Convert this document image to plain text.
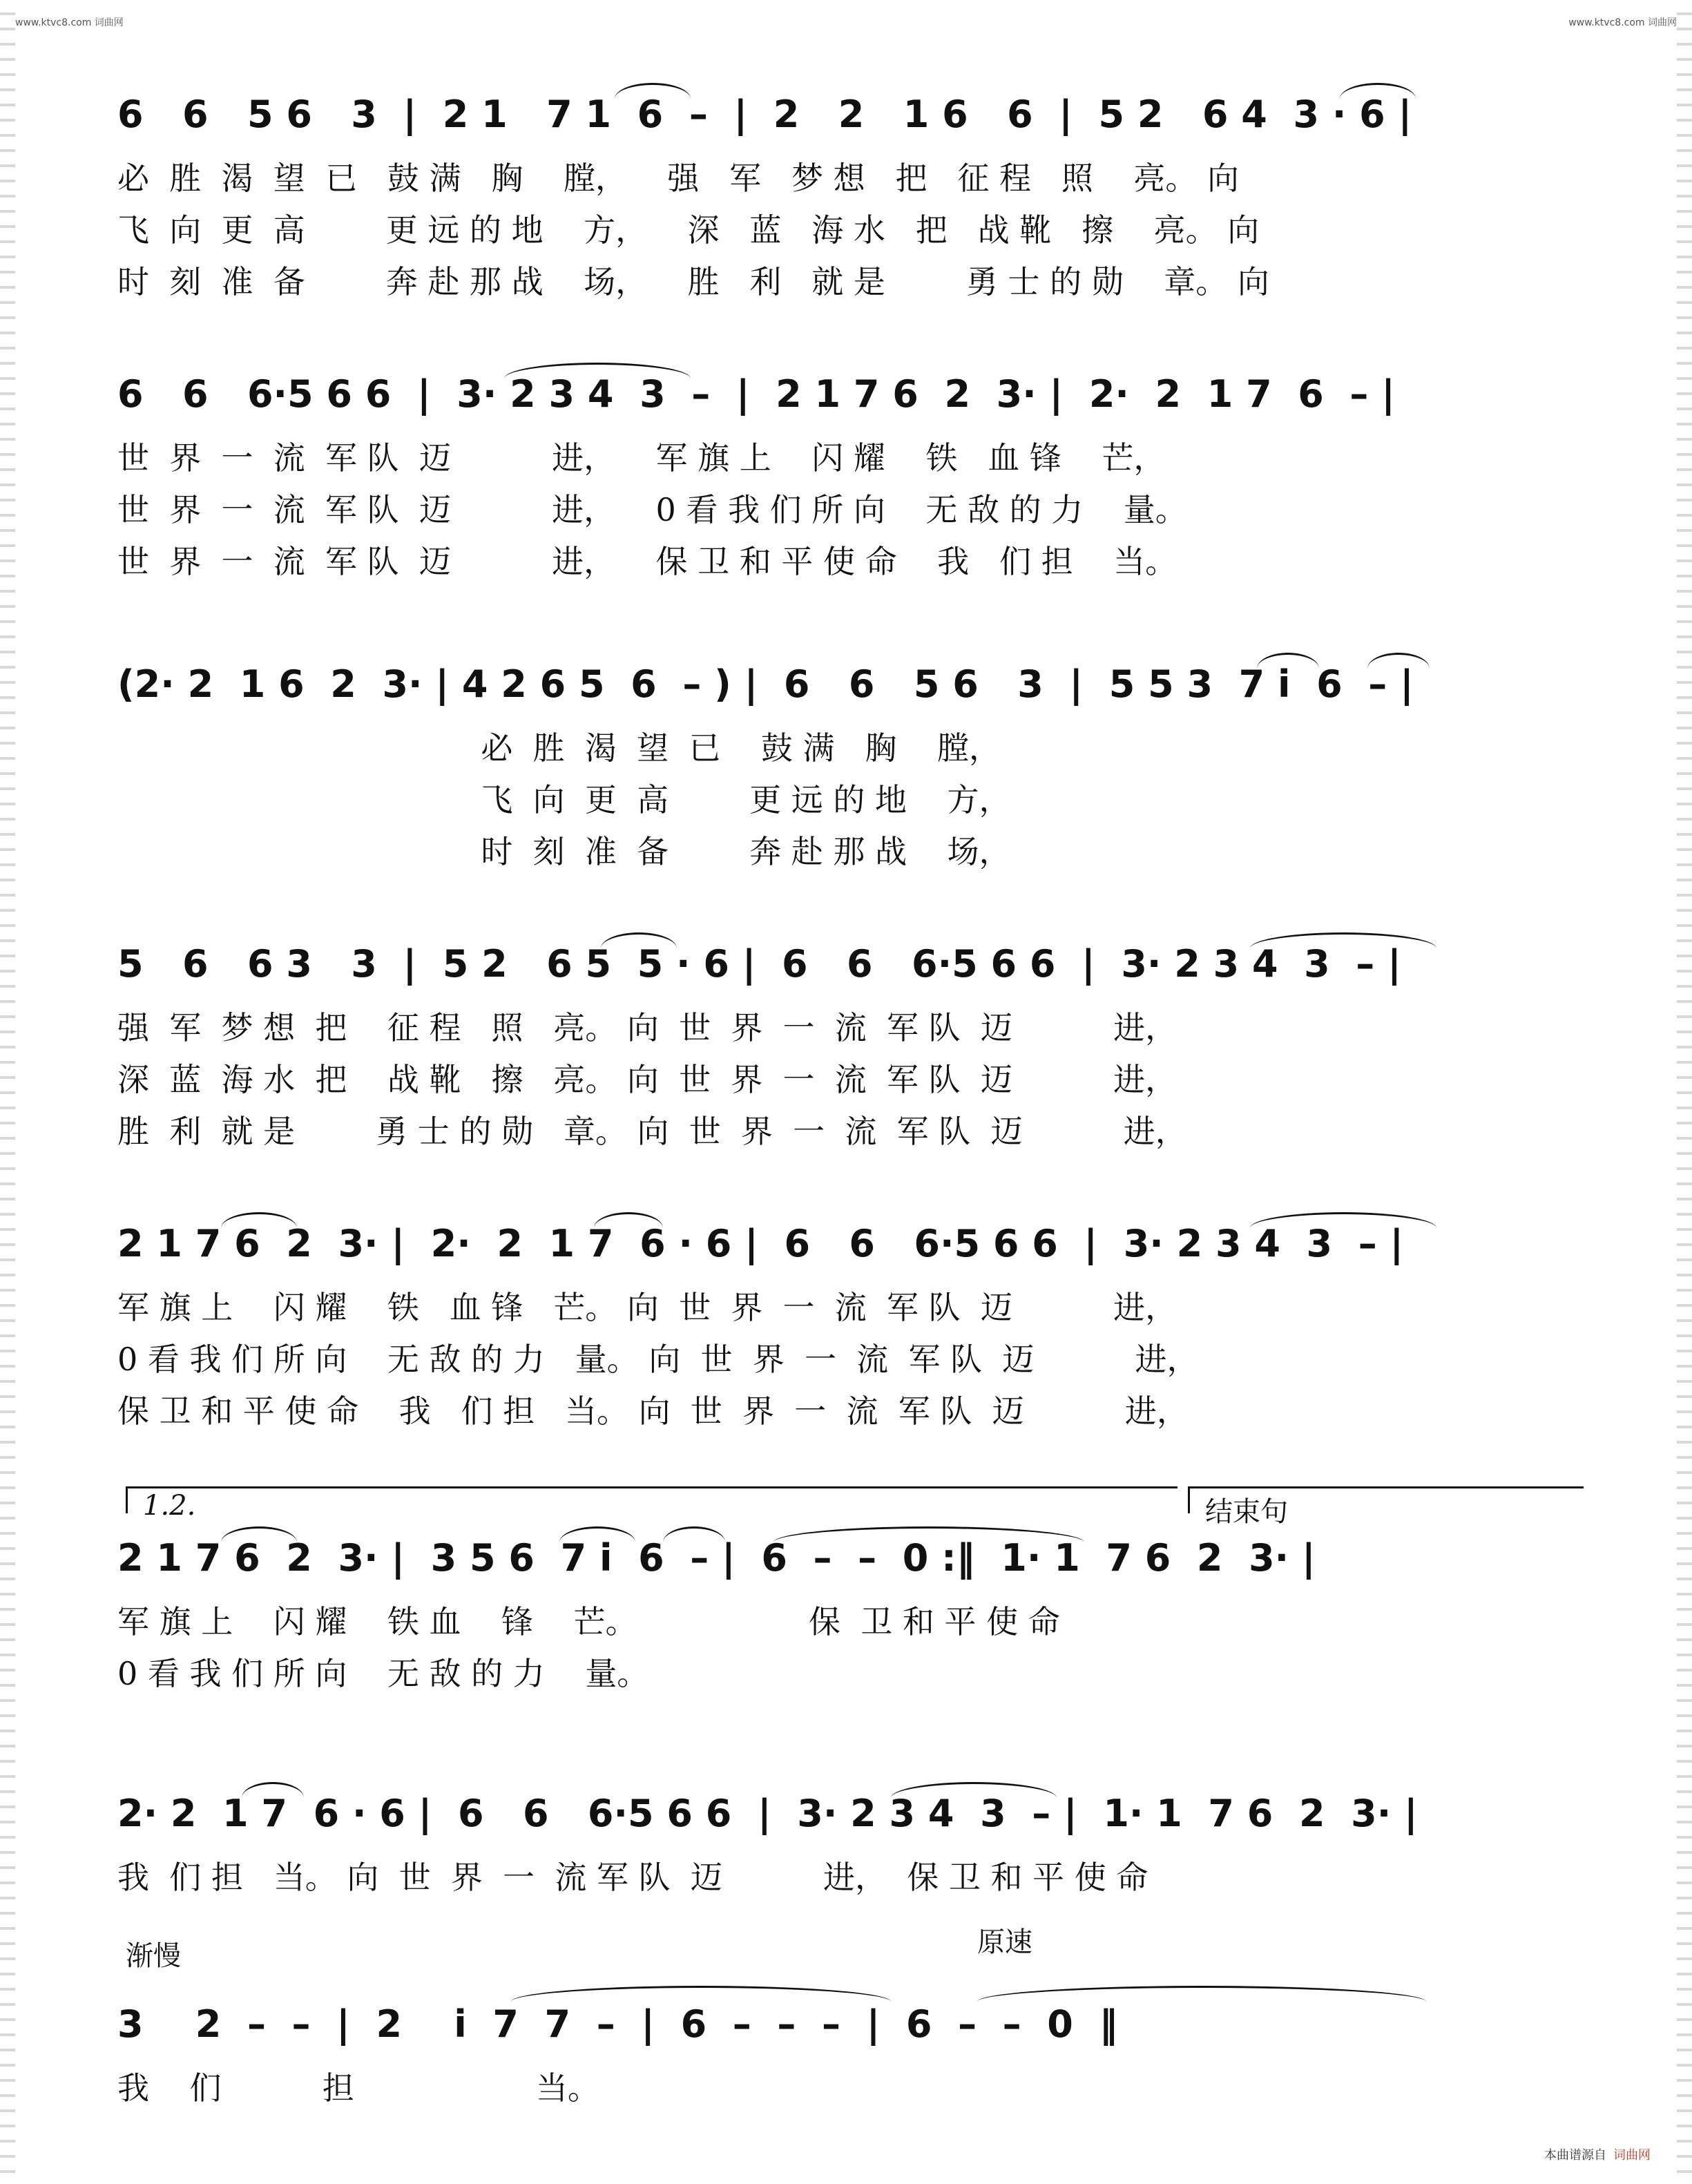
www.ktvc8.com 词曲网	www.ktvc8.com 词曲网
6   6   5 6   3  |  2 1   7 1  6  –  |  2   2   1 6   6  |  5 2   6 4  3 · 6 |
必  胜  渴  望  已   鼓 满   胸    膛，    强   军   梦 想   把   征 程   照    亮。 向
飞  向  更  高        更 远 的 地    方，    深   蓝   海 水   把   战 靴   擦    亮。 向
时  刻  准  备        奔 赴 那 战    场，    胜   利   就 是        勇 士 的 勋    章。 向
6   6   6·5 6 6  |  3· 2 3 4  3  –  |  2 1 7 6  2  3· |  2·  2  1 7  6  – |
世  界  一  流  军 队  迈          进，    军 旗 上    闪 耀    铁   血 锋    芒，
世  界  一  流  军 队  迈          进，    0 看 我 们 所 向    无 敌 的 力    量。
世  界  一  流  军 队  迈          进，    保 卫 和 平 使 命    我   们 担    当。
(2· 2  1 6  2  3· | 4 2 6 5  6  – ) |  6   6   5 6   3  |  5 5 3  7 i  6  – |
必  胜  渴  望  已    鼓 满   胸    膛，
飞  向  更  高        更 远 的 地    方，
时  刻  准  备        奔 赴 那 战    场，
5   6   6 3   3  |  5 2   6 5  5 · 6 |  6   6   6·5 6 6  |  3· 2 3 4  3  – |
强  军  梦 想  把    征 程   照   亮。 向  世  界  一  流  军 队  迈          进，
深  蓝  海 水  把    战 靴   擦   亮。 向  世  界  一  流  军 队  迈          进，
胜  利  就 是        勇 士 的 勋   章。 向  世  界  一  流  军 队  迈          进，
2 1 7 6  2  3· |  2·  2  1 7  6 · 6 |  6   6   6·5 6 6  |  3· 2 3 4  3  – |
军 旗 上    闪 耀    铁   血 锋   芒。 向  世  界  一  流  军 队  迈          进，
0 看 我 们 所 向    无 敌 的 力   量。 向  世  界  一  流  军 队  迈          进，
保 卫 和 平 使 命    我   们 担   当。 向  世  界  一  流  军 队  迈          进，
1.2.	结束句
2 1 7 6  2  3· |  3 5 6  7 i  6  – |  6  –  –  0 :‖  1· 1  7 6  2  3· |
军 旗 上    闪 耀    铁 血    锋    芒。                 保  卫 和 平 使 命
0 看 我 们 所 向    无 敌 的 力    量。
2· 2  1 7  6 · 6 |  6   6   6·5 6 6  |  3· 2 3 4  3  – |  1· 1  7 6  2  3· |
我  们 担   当。 向  世  界  一  流 军 队  迈          进，  保 卫 和 平 使 命
渐慢	原速
3    2  –  –  |  2    i  7  7  –  |  6  –  –  –  |  6  –  –  0  ‖
我    们          担                  当。
本曲谱源自 词曲网
